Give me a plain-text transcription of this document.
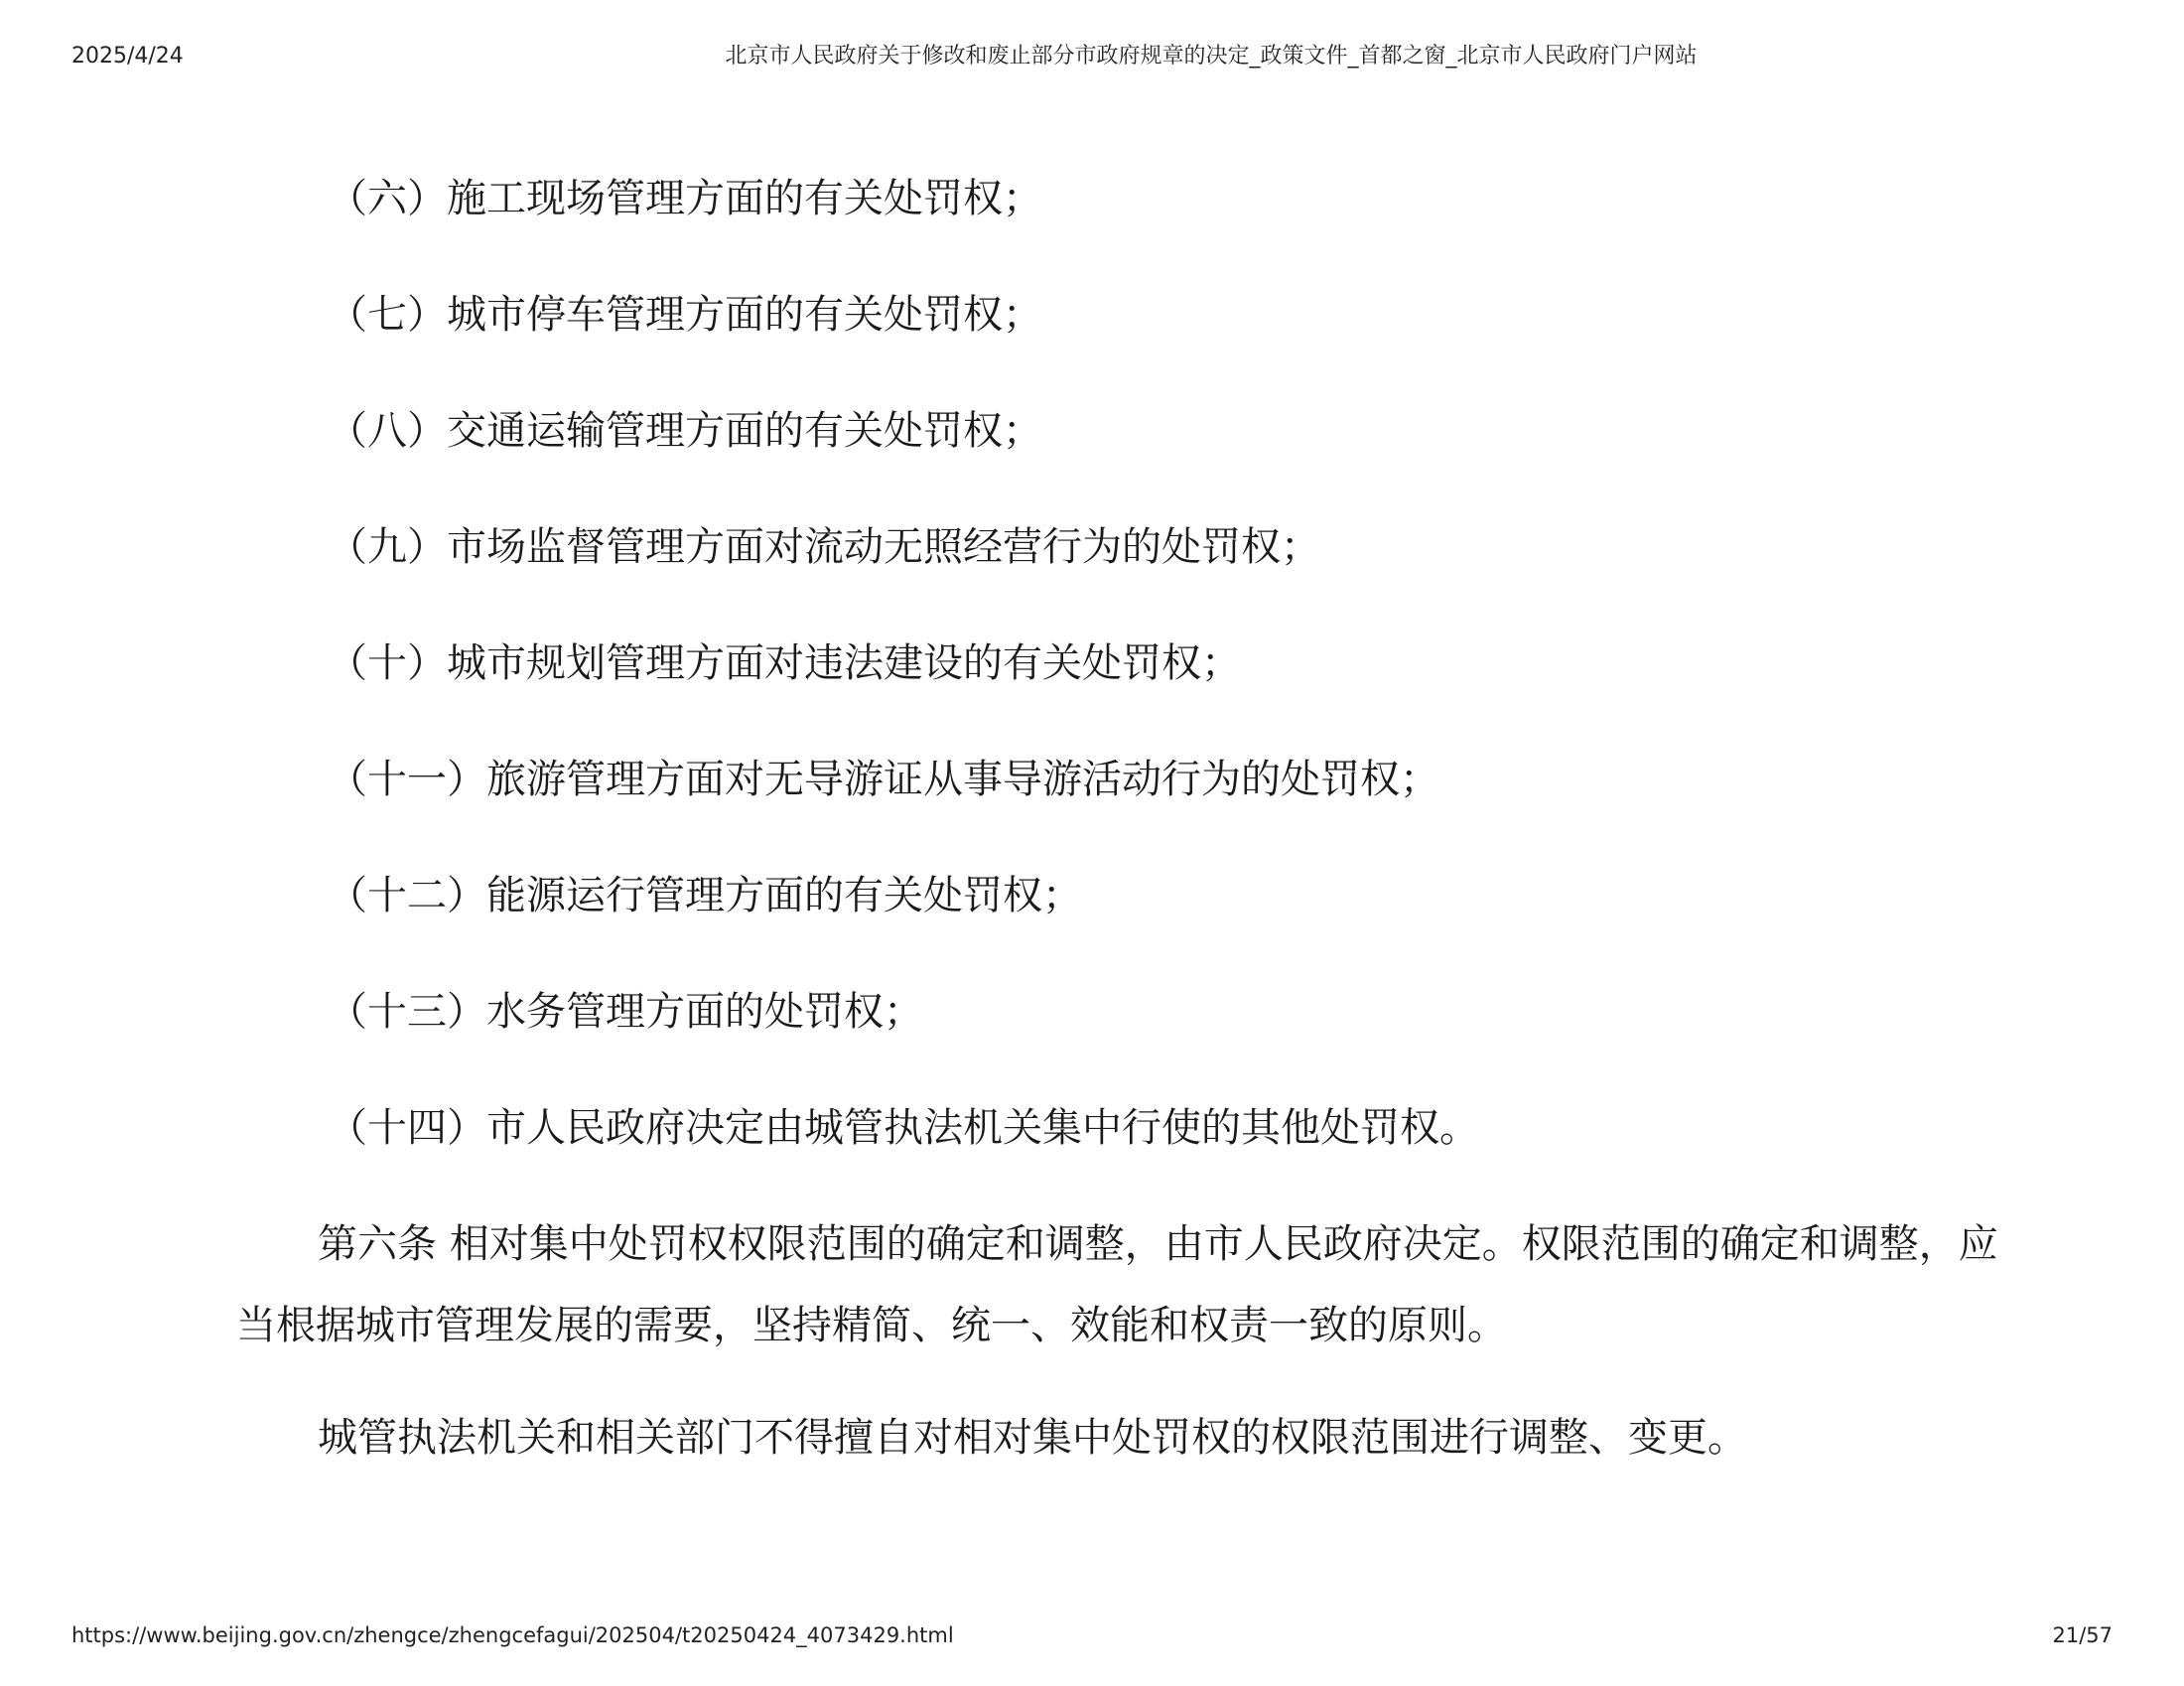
2025/4/24	北京市人民政府关于修改和废止部分市政府规章的决定_政策文件_首都之窗_北京市人民政府门户网站
（六）施工现场管理方面的有关处罚权；
（七）城市停车管理方面的有关处罚权；
（八）交通运输管理方面的有关处罚权；
（九）市场监督管理方面对流动无照经营行为的处罚权；
（十）城市规划管理方面对违法建设的有关处罚权；
（十一）旅游管理方面对无导游证从事导游活动行为的处罚权；
（十二）能源运行管理方面的有关处罚权；
（十三）水务管理方面的处罚权；
（十四）市人民政府决定由城管执法机关集中行使的其他处罚权。
第六条 相对集中处罚权权限范围的确定和调整，由市人民政府决定。权限范围的确定和调整，应当根据城市管理发展的需要，坚持精简、统一、效能和权责一致的原则。
城管执法机关和相关部门不得擅自对相对集中处罚权的权限范围进行调整、变更。
https://www.beijing.gov.cn/zhengce/zhengcefagui/202504/t20250424_4073429.html	21/57
